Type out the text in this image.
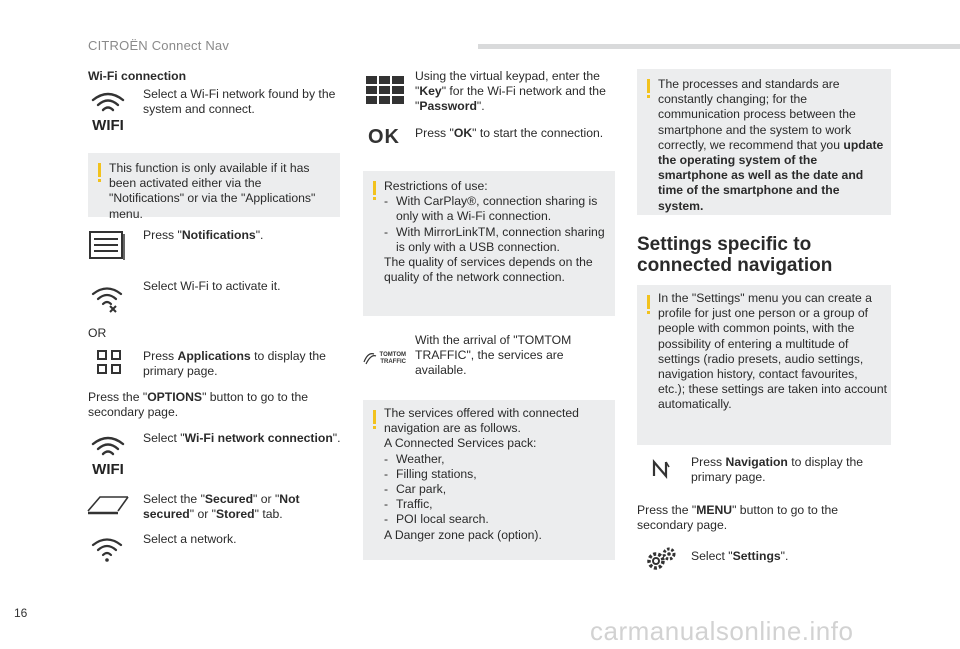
CITROËN Connect Nav
Wi-Fi connection
WIFI
Select a Wi-Fi network found by the system and connect.
This function is only available if it has been activated either via the "Notifications" or via the "Applications" menu.
Press "Notifications".
Select Wi-Fi to activate it.
OR
Press Applications to display the primary page.
Press the "OPTIONS" button to go to the secondary page.
WIFI
Select "Wi-Fi network connection".
Select the "Secured" or "Not secured" or "Stored" tab.
Select a network.
Using the virtual keypad, enter the "Key" for the Wi-Fi network and the "Password".
OK Press "OK" to start the connection.
Restrictions of use:
- With CarPlay®, connection sharing is only with a Wi-Fi connection.
- With MirrorLinkTM, connection sharing is only with a USB connection.
The quality of services depends on the quality of the network connection.
TOMTOM
TRAFFIC
With the arrival of "TOMTOM TRAFFIC", the services are available.
The services offered with connected navigation are as follows.
A Connected Services pack:
- Weather,
- Filling stations,
- Car park,
- Traffic,
- POI local search.
A Danger zone pack (option).
The processes and standards are constantly changing; for the communication process between the smartphone and the system to work correctly, we recommend that you update the operating system of the smartphone as well as the date and time of the smartphone and the system.
Settings specific to connected navigation
In the "Settings" menu you can create a profile for just one person or a group of people with common points, with the possibility of entering a multitude of settings (radio presets, audio settings, navigation history, contact favourites, etc.); these settings are taken into account automatically.
Press Navigation to display the primary page.
Press the "MENU" button to go to the secondary page.
Select "Settings".
16
carmanualsonline.info
